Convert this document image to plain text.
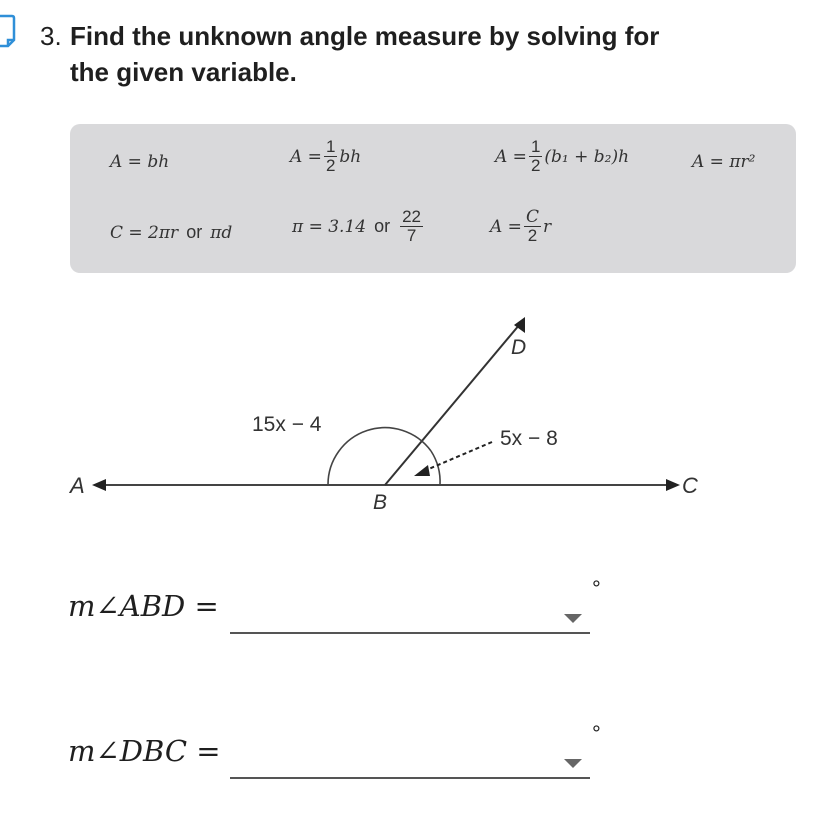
3. Find the unknown angle measure by solving for
the given variable.
A = bh	$A = \frac{1}{2}$ bh	$A = \frac{1}{2} (b_1 + b_2)h$	A = πr²
C = 2πr or πd	π = 3.14 or $\frac{22}{7}$	$A = \frac{C}{2}$ r
A
B
C
D
15x − 4
5x − 8
m∠ABD =
°
m∠DBC =
°
